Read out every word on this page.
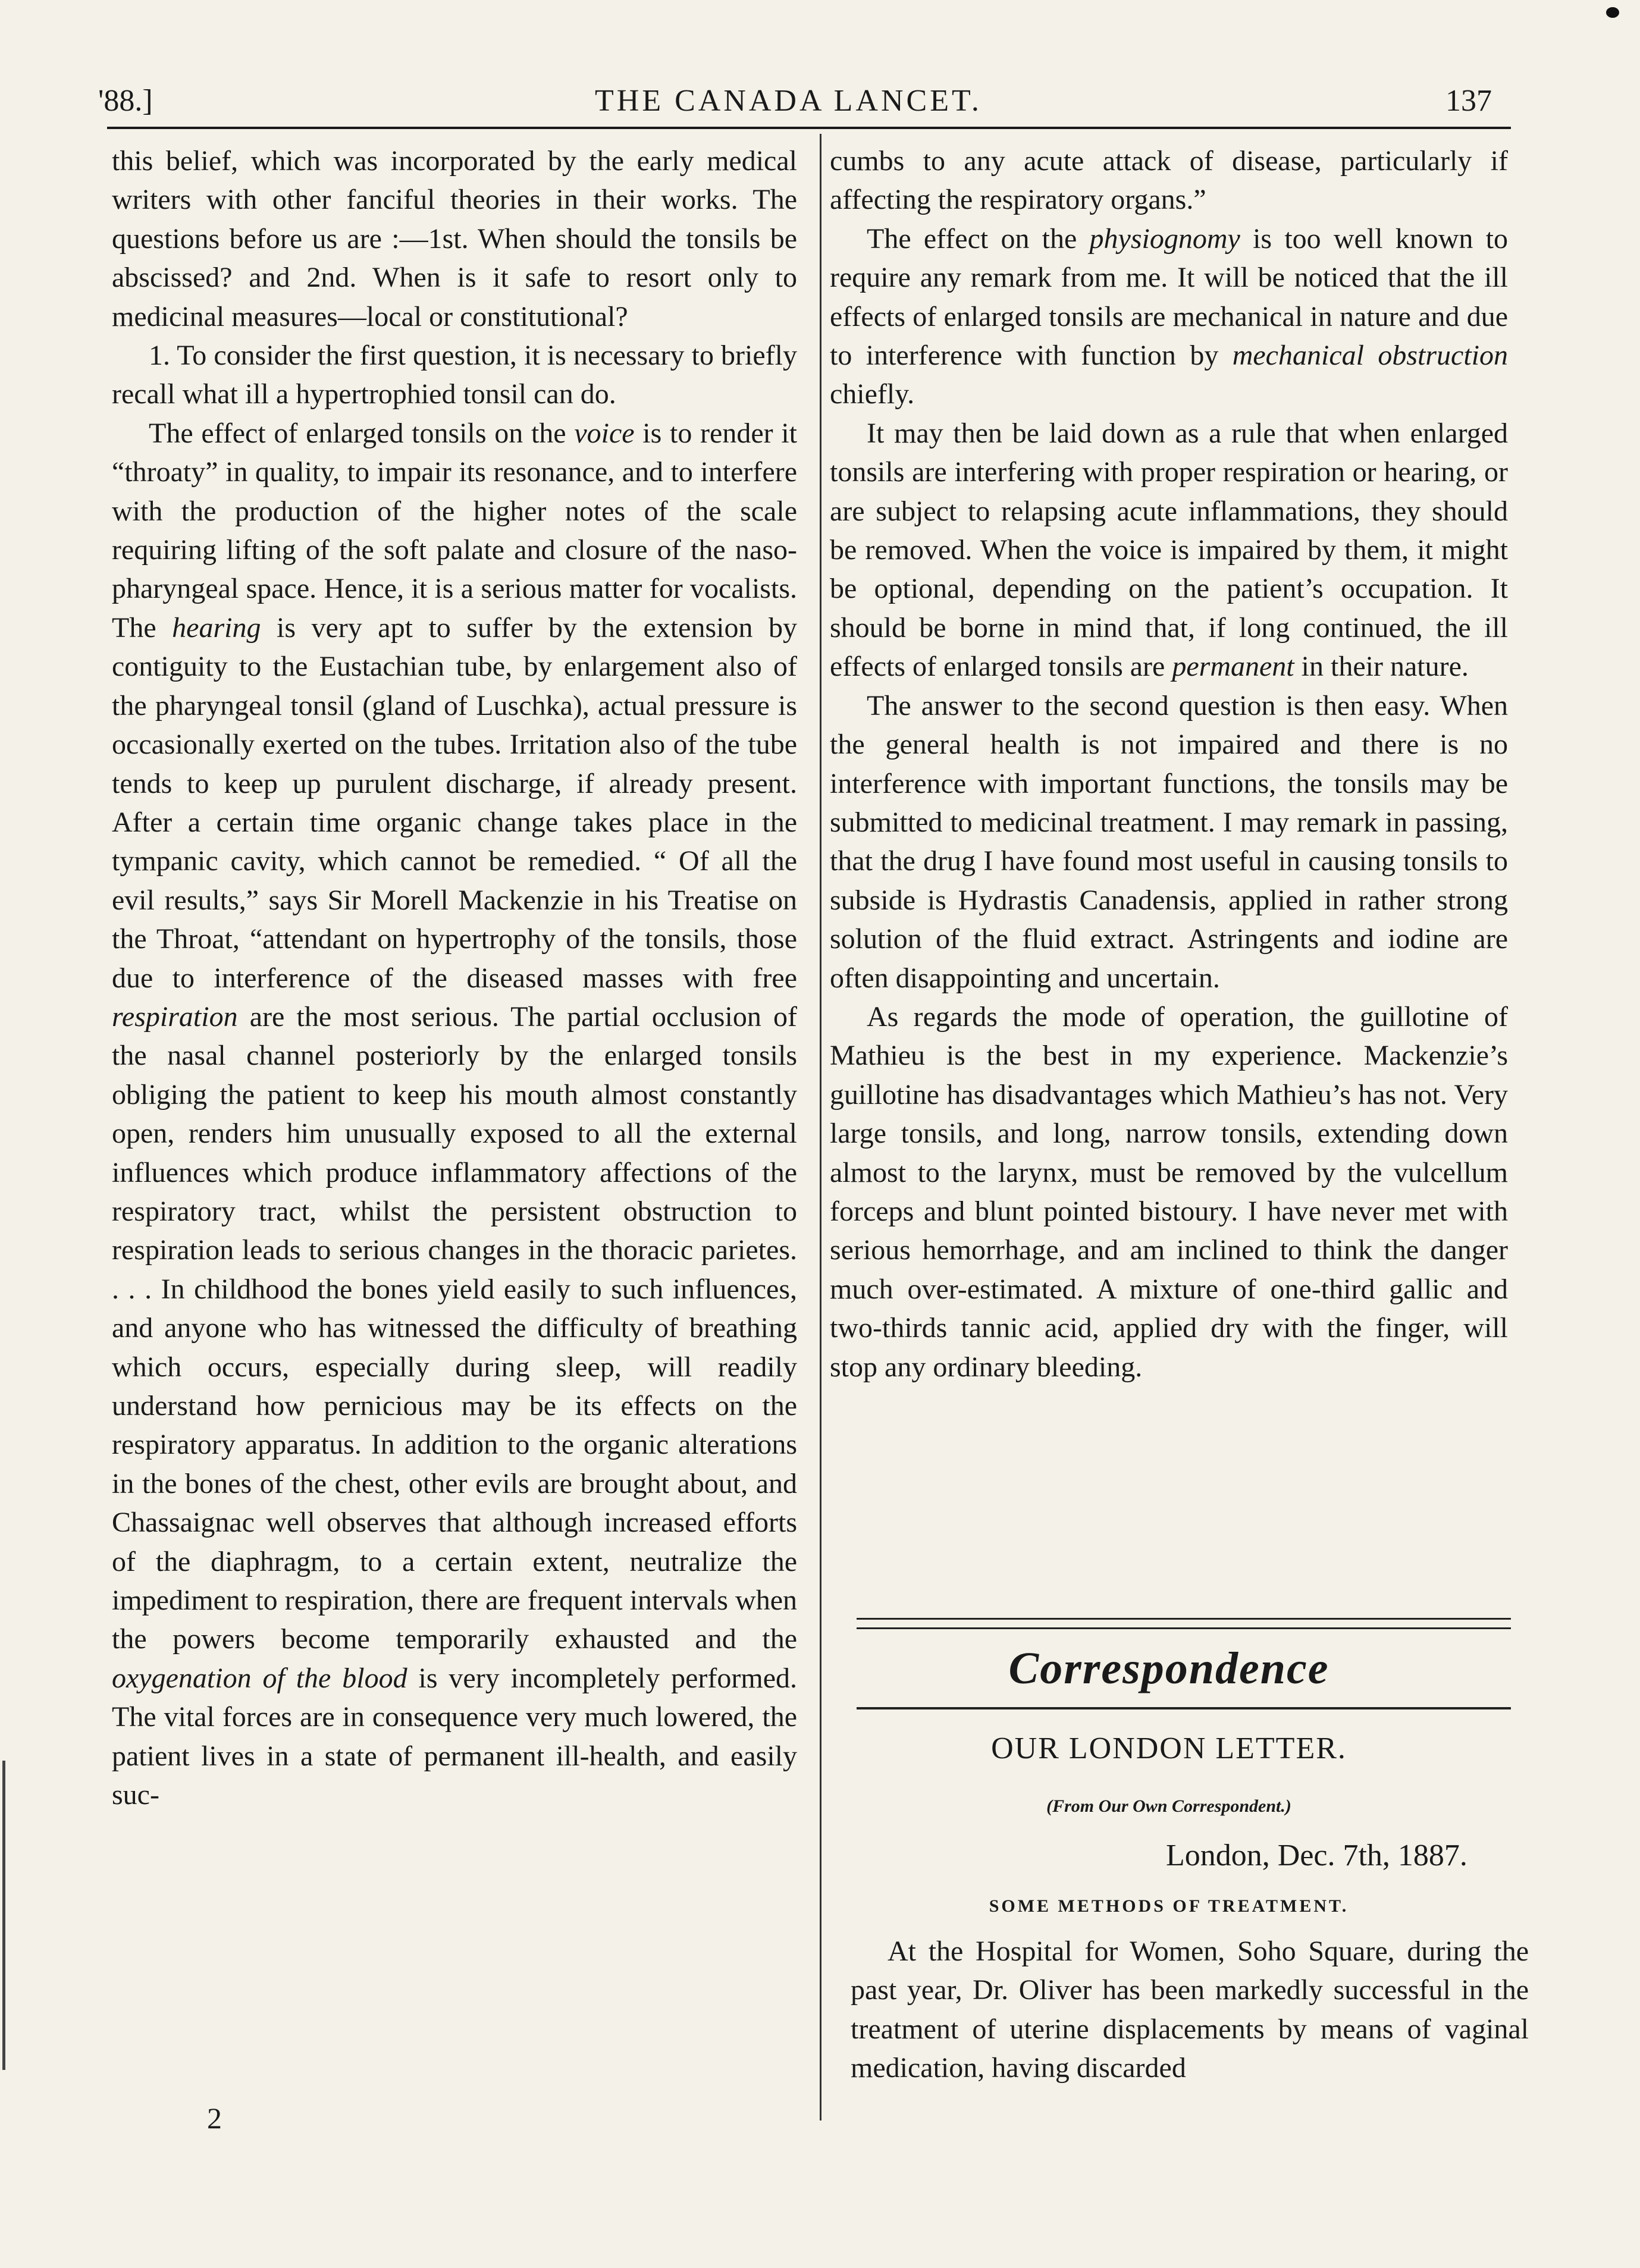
'88.]	THE CANADA LANCET.	137

this belief, which was incorporated by the early medical writers with other fanciful theories in their works. The questions before us are :—1st. When should the tonsils be abscissed? and 2nd. When is it safe to resort only to medicinal measures—local or constitutional?

1. To consider the first question, it is necessary to briefly recall what ill a hypertrophied tonsil can do.

The effect of enlarged tonsils on the voice is to render it “throaty” in quality, to impair its resonance, and to interfere with the production of the higher notes of the scale requiring lifting of the soft palate and closure of the naso-pharyngeal space. Hence, it is a serious matter for vocalists. The hearing is very apt to suffer by the extension by contiguity to the Eustachian tube, by enlargement also of the pharyngeal tonsil (gland of Luschka), actual pressure is occasionally exerted on the tubes. Irritation also of the tube tends to keep up purulent discharge, if already present. After a certain time organic change takes place in the tympanic cavity, which cannot be remedied. “ Of all the evil results,” says Sir Morell Mackenzie in his Treatise on the Throat, “attendant on hypertrophy of the tonsils, those due to interference of the diseased masses with free respiration are the most serious. The partial occlusion of the nasal channel posteriorly by the enlarged tonsils obliging the patient to keep his mouth almost constantly open, renders him unusually exposed to all the external influences which produce inflammatory affections of the respiratory tract, whilst the persistent obstruction to respiration leads to serious changes in the thoracic parietes. . . . In childhood the bones yield easily to such influences, and anyone who has witnessed the difficulty of breathing which occurs, especially during sleep, will readily understand how pernicious may be its effects on the respiratory apparatus. In addition to the organic alterations in the bones of the chest, other evils are brought about, and Chassaignac well observes that although increased efforts of the diaphragm, to a certain extent, neutralize the impediment to respiration, there are frequent intervals when the powers become temporarily exhausted and the oxygenation of the blood is very incompletely performed. The vital forces are in consequence very much lowered, the patient lives in a state of permanent ill-health, and easily suc-

2

cumbs to any acute attack of disease, particularly if affecting the respiratory organs.”

The effect on the physiognomy is too well known to require any remark from me. It will be noticed that the ill effects of enlarged tonsils are mechanical in nature and due to interference with function by mechanical obstruction chiefly.

It may then be laid down as a rule that when enlarged tonsils are interfering with proper respiration or hearing, or are subject to relapsing acute inflammations, they should be removed. When the voice is impaired by them, it might be optional, depending on the patient’s occupation. It should be borne in mind that, if long continued, the ill effects of enlarged tonsils are permanent in their nature.

The answer to the second question is then easy. When the general health is not impaired and there is no interference with important functions, the tonsils may be submitted to medicinal treatment. I may remark in passing, that the drug I have found most useful in causing tonsils to subside is Hydrastis Canadensis, applied in rather strong solution of the fluid extract. Astringents and iodine are often disappointing and uncertain.

As regards the mode of operation, the guillotine of Mathieu is the best in my experience. Mackenzie’s guillotine has disadvantages which Mathieu’s has not. Very large tonsils, and long, narrow tonsils, extending down almost to the larynx, must be removed by the vulcellum forceps and blunt pointed bistoury. I have never met with serious hemorrhage, and am inclined to think the danger much over-estimated. A mixture of one-third gallic and two-thirds tannic acid, applied dry with the finger, will stop any ordinary bleeding.

Correspondence
OUR LONDON LETTER.
(From Our Own Correspondent.)
London, Dec. 7th, 1887.
SOME METHODS OF TREATMENT.

At the Hospital for Women, Soho Square, during the past year, Dr. Oliver has been markedly successful in the treatment of uterine displacements by means of vaginal medication, having discarded
